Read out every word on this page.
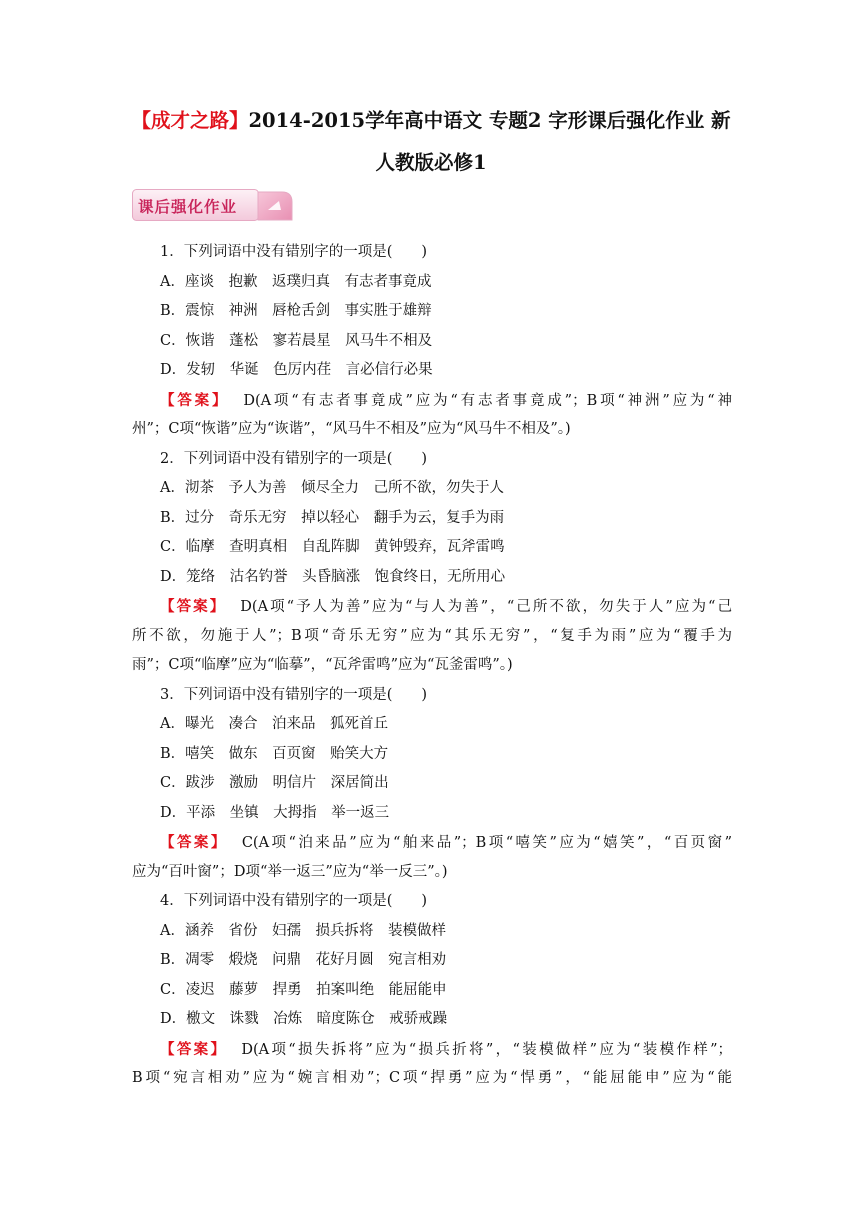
【成才之路】2014-2015学年高中语文 专题2 字形课后强化作业 新
人教版必修1
课后强化作业
1．下列词语中没有错别字的一项是(　　)
A．座谈　抱歉　返璞归真　有志者事竟成
B．震惊　神洲　唇枪舌剑　事实胜于雄辩
C．恢谐　蓬松　寥若晨星　风马牛不相及
D．发轫　华诞　色厉内荏　言必信行必果
【答案】 D(A项“有志者事竟成”应为“有志者事竟成”；B项“神洲”应为“神
州”；C项“恢谐”应为“诙谐”，“风马牛不相及”应为“风马牛不相及”。)
2．下列词语中没有错别字的一项是(　　)
A．沏茶　予人为善　倾尽全力　己所不欲，勿失于人
B．过分　奇乐无穷　掉以轻心　翻手为云，复手为雨
C．临摩　查明真相　自乱阵脚　黄钟毁弃，瓦斧雷鸣
D．笼络　沽名钓誉　头昏脑涨　饱食终日，无所用心
【答案】 D(A项“予人为善”应为“与人为善”，“己所不欲，勿失于人”应为“己
所不欲，勿施于人”；B项“奇乐无穷”应为“其乐无穷”，“复手为雨”应为“覆手为
雨”；C项“临摩”应为“临摹”，“瓦斧雷鸣”应为“瓦釜雷鸣”。)
3．下列词语中没有错别字的一项是(　　)
A．曝光　凑合　泊来品　狐死首丘
B．嘻笑　做东　百页窗　贻笑大方
C．跋涉　激励　明信片　深居简出
D．平添　坐镇　大拇指　举一返三
【答案】 C(A项“泊来品”应为“舶来品”；B项“嘻笑”应为“嬉笑”，“百页窗”
应为“百叶窗”；D项“举一返三”应为“举一反三”。)
4．下列词语中没有错别字的一项是(　　)
A．涵养　省份　妇孺　损兵拆将　装模做样
B．凋零　煅烧　问鼎　花好月圆　宛言相劝
C．凌迟　藤萝　捍勇　拍案叫绝　能屈能申
D．檄文　诛戮　冶炼　暗度陈仓　戒骄戒躁
【答案】 D(A项“损失拆将”应为“损兵折将”，“装模做样”应为“装模作样”；
B项“宛言相劝”应为“婉言相劝”；C项“捍勇”应为“悍勇”，“能屈能申”应为“能
